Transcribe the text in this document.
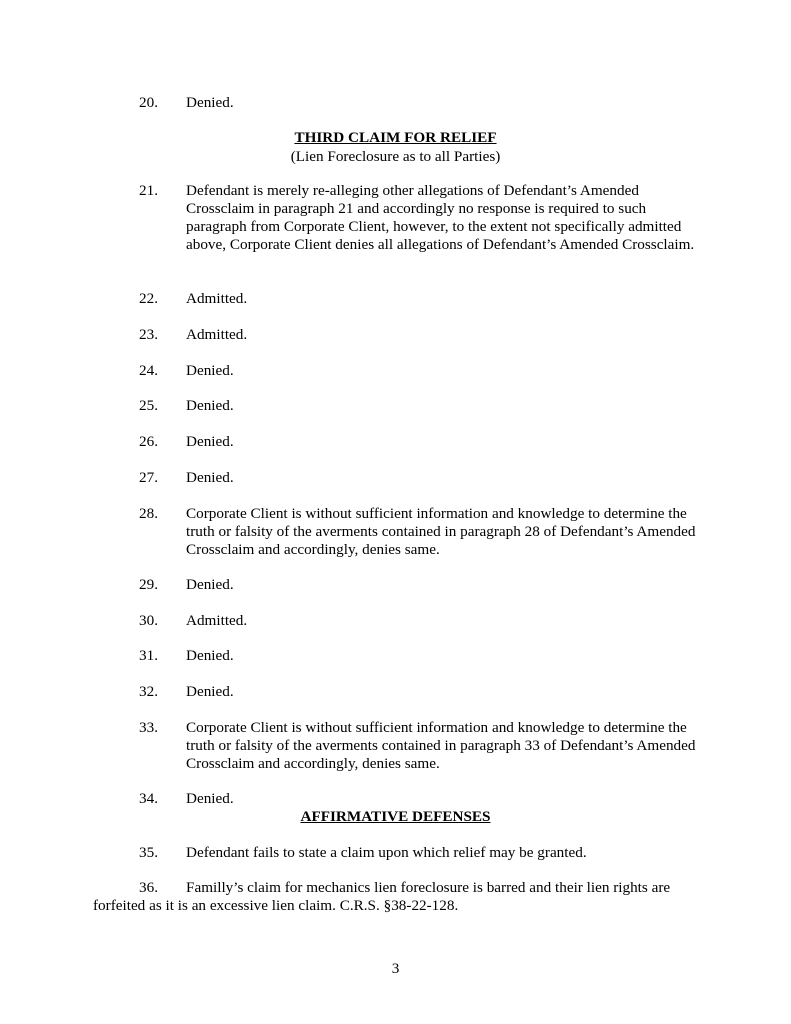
20. Denied.
THIRD CLAIM FOR RELIEF
(Lien Foreclosure as to all Parties)
21. Defendant is merely re-alleging other allegations of Defendant’s Amended Crossclaim in paragraph 21 and accordingly no response is required to such paragraph from Corporate Client, however, to the extent not specifically admitted above, Corporate Client denies all allegations of Defendant’s Amended Crossclaim.
22. Admitted.
23. Admitted.
24. Denied.
25. Denied.
26. Denied.
27. Denied.
28. Corporate Client is without sufficient information and knowledge to determine the truth or falsity of the averments contained in paragraph 28 of Defendant’s Amended Crossclaim and accordingly, denies same.
29. Denied.
30. Admitted.
31. Denied.
32. Denied.
33. Corporate Client is without sufficient information and knowledge to determine the truth or falsity of the averments contained in paragraph 33 of Defendant’s Amended Crossclaim and accordingly, denies same.
34. Denied.
AFFIRMATIVE DEFENSES
35. Defendant fails to state a claim upon which relief may be granted.
36. Familly’s claim for mechanics lien foreclosure is barred and their lien rights are forfeited as it is an excessive lien claim. C.R.S. §38-22-128.
3
